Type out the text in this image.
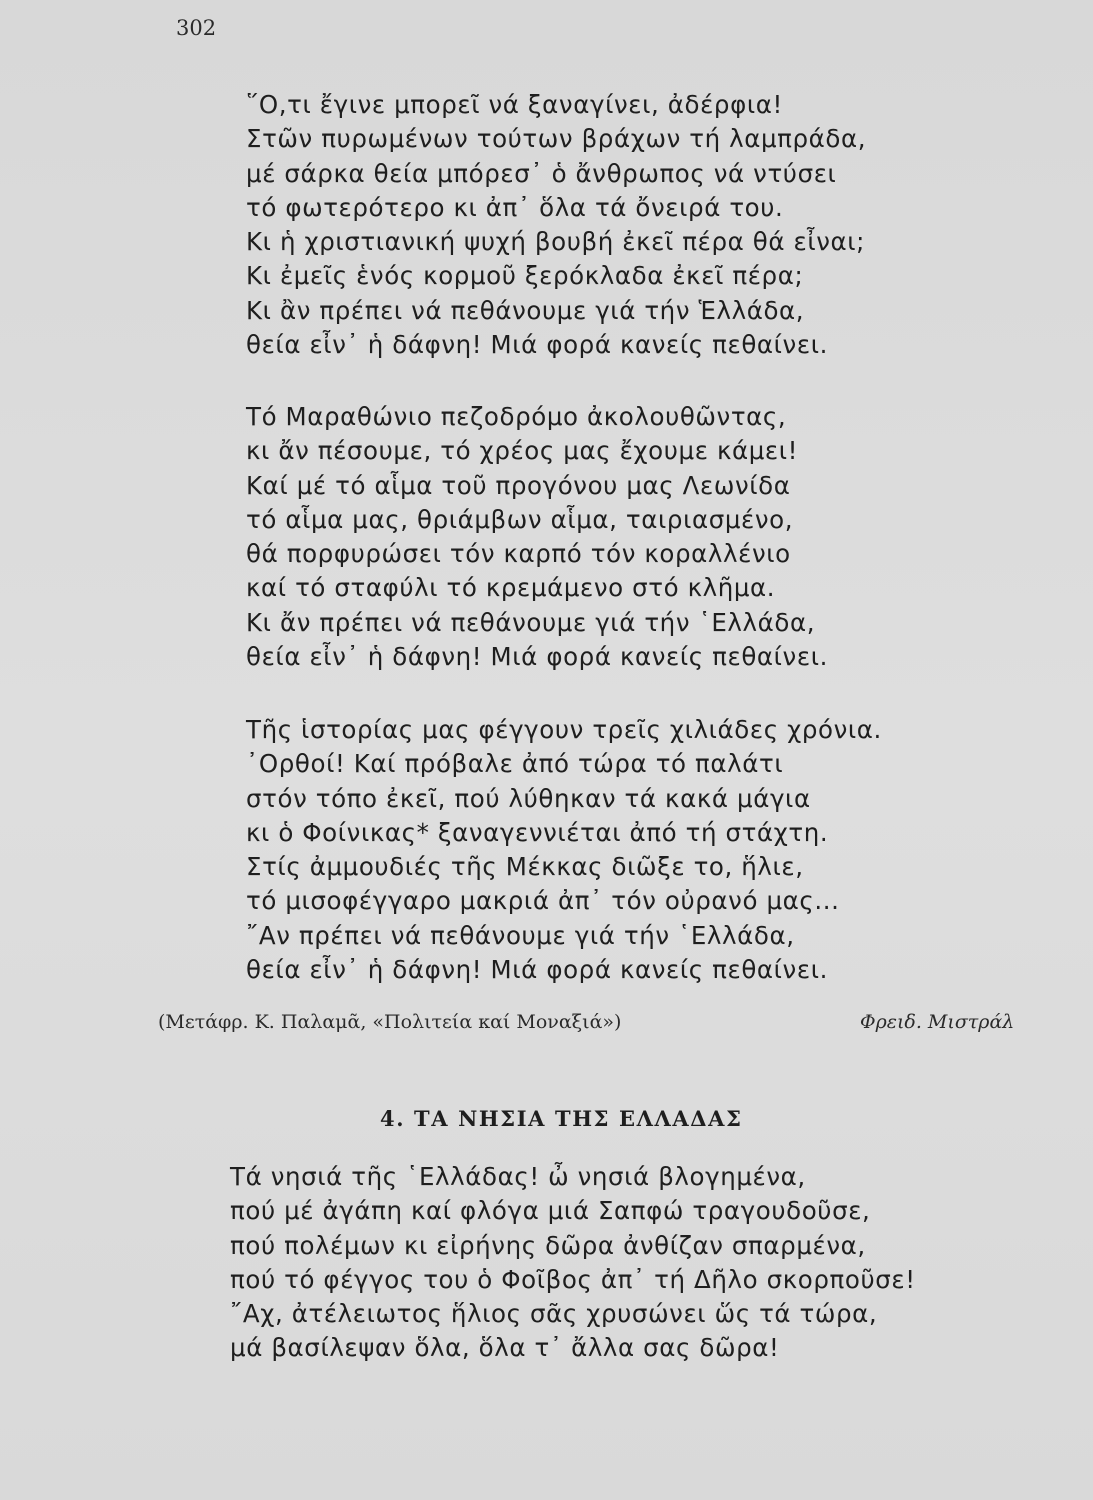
302
῞Ο,τι ἔγινε μπορεῖ νά ξαναγίνει, ἀδέρφια!
Στῶν πυρωμένων τούτων βράχων τή λαμπράδα,
μέ σάρκα θεία μπόρεσ᾽ ὁ ἄνθρωπος νά ντύσει
τό φωτερότερο κι ἀπ᾽ ὅλα τά ὄνειρά του.
Κι ἡ χριστιανική ψυχή βουβή ἐκεῖ πέρα θά εἶναι;
Κι ἐμεῖς ἑνός κορμοῦ ξερόκλαδα ἐκεῖ πέρα;
Κι ἂν πρέπει νά πεθάνουμε γιά τήν Ἑλλάδα,
θεία εἶν᾽ ἡ δάφνη! Μιά φορά κανείς πεθαίνει.
Τό Μαραθώνιο πεζοδρόμο ἀκολουθῶντας,
κι ἄν πέσουμε, τό χρέος μας ἔχουμε κάμει!
Καί μέ τό αἷμα τοῦ προγόνου μας Λεωνίδα
τό αἷμα μας, θριάμβων αἷμα, ταιριασμένο,
θά πορφυρώσει τόν καρπό τόν κοραλλένιο
καί τό σταφύλι τό κρεμάμενο στό κλῆμα.
Κι ἄν πρέπει νά πεθάνουμε γιά τήν ῾Ελλάδα,
θεία εἶν᾽ ἡ δάφνη! Μιά φορά κανείς πεθαίνει.
Τῆς ἱστορίας μας φέγγουν τρεῖς χιλιάδες χρόνια.
᾽Ορθοί! Καί πρόβαλε ἀπό τώρα τό παλάτι
στόν τόπο ἐκεῖ, πού λύθηκαν τά κακά μάγια
κι ὁ Φοίνικας* ξαναγεννιέται ἀπό τή στάχτη.
Στίς ἀμμουδιές τῆς Μέκκας διῶξε το, ἥλιε,
τό μισοφέγγαρο μακριά ἀπ᾽ τόν οὐρανό μας...
῎Αν πρέπει νά πεθάνουμε γιά τήν ῾Ελλάδα,
θεία εἶν᾽ ἡ δάφνη! Μιά φορά κανείς πεθαίνει.
(Μετάφρ. Κ. Παλαμᾶ, «Πολιτεία καί Μοναξιά»)	Φρειδ. Μιστράλ
4. ΤΑ ΝΗΣΙΑ ΤΗΣ ΕΛΛΑΔΑΣ
Τά νησιά τῆς ῾Ελλάδας! ὦ νησιά βλογημένα,
πού μέ ἀγάπη καί φλόγα μιά Σαπφώ τραγουδοῦσε,
πού πολέμων κι εἰρήνης δῶρα ἀνθίζαν σπαρμένα,
πού τό φέγγος του ὁ Φοῖβος ἀπ᾽ τή Δῆλο σκορποῦσε!
῎Αχ, ἀτέλειωτος ἥλιος σᾶς χρυσώνει ὥς τά τώρα,
μά βασίλεψαν ὅλα, ὅλα τ᾽ ἄλλα σας δῶρα!
